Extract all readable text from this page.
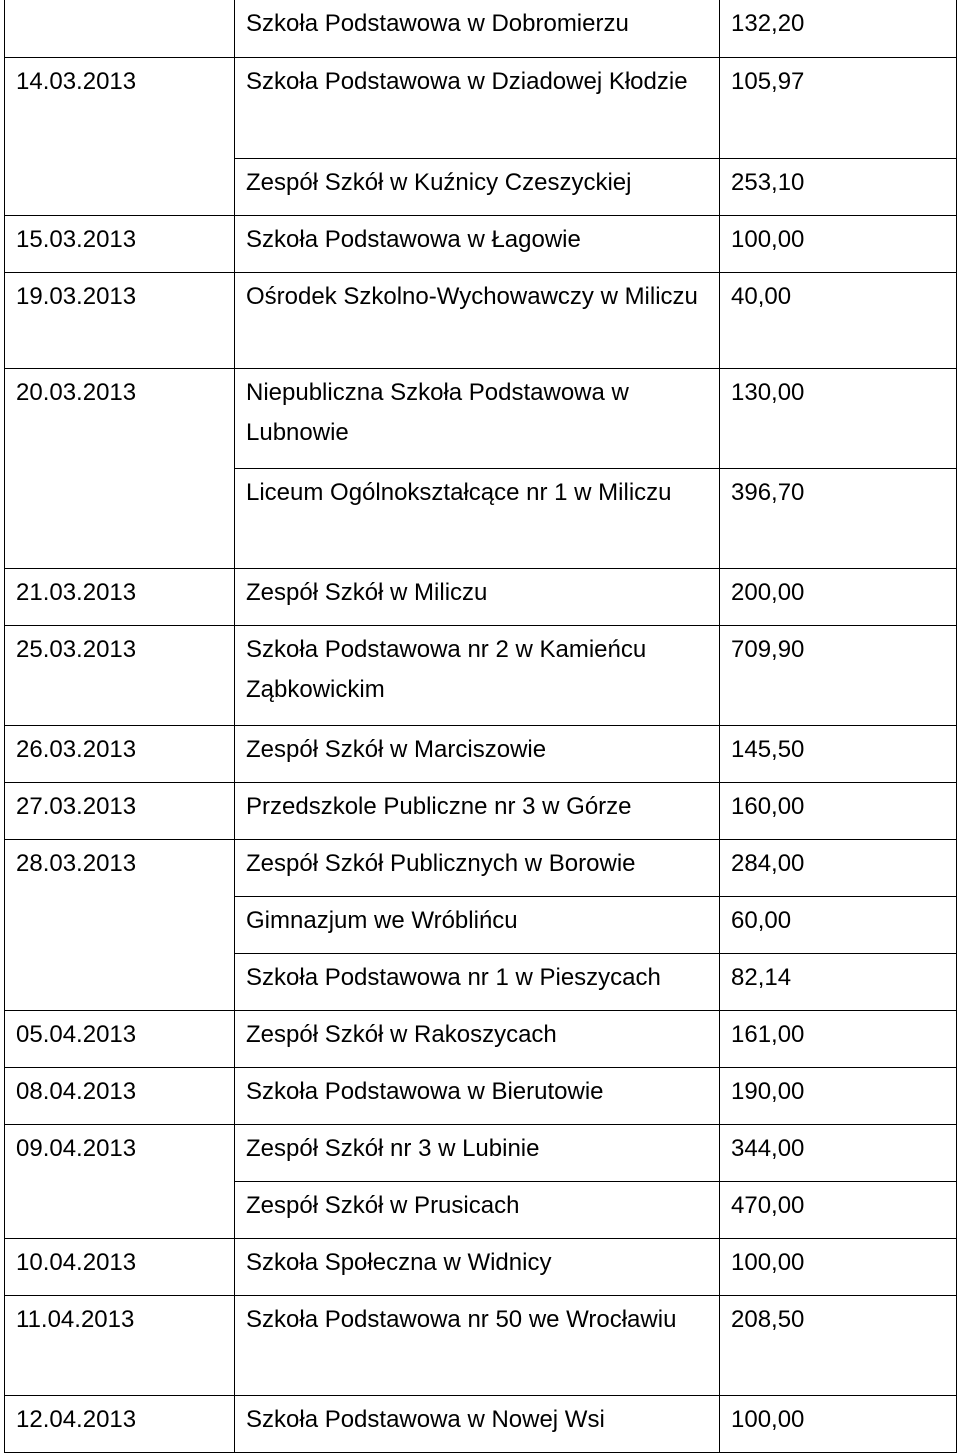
	Szkoła Podstawowa w Dobromierzu	132,20
14.03.2013	Szkoła Podstawowa w Dziadowej Kłodzie	105,97
	Zespół Szkół w Kuźnicy Czeszyckiej	253,10
15.03.2013	Szkoła Podstawowa w Łagowie	100,00
19.03.2013	Ośrodek Szkolno-Wychowawczy w Miliczu	40,00
20.03.2013	Niepubliczna Szkoła Podstawowa w Lubnowie	130,00
	Liceum Ogólnokształcące nr 1 w Miliczu	396,70
21.03.2013	Zespół Szkół w Miliczu	200,00
25.03.2013	Szkoła Podstawowa nr 2 w Kamieńcu Ząbkowickim	709,90
26.03.2013	Zespół Szkół w Marciszowie	145,50
27.03.2013	Przedszkole Publiczne nr 3 w Górze	160,00
28.03.2013	Zespół Szkół Publicznych w Borowie	284,00
	Gimnazjum we Wróblińcu	60,00
	Szkoła Podstawowa nr 1 w Pieszycach	82,14
05.04.2013	Zespół Szkół w Rakoszycach	161,00
08.04.2013	Szkoła Podstawowa w Bierutowie	190,00
09.04.2013	Zespół Szkół nr 3 w Lubinie	344,00
	Zespół Szkół w Prusicach	470,00
10.04.2013	Szkoła Społeczna w Widnicy	100,00
11.04.2013	Szkoła Podstawowa nr 50 we Wrocławiu	208,50
12.04.2013	Szkoła Podstawowa w Nowej Wsi	100,00
